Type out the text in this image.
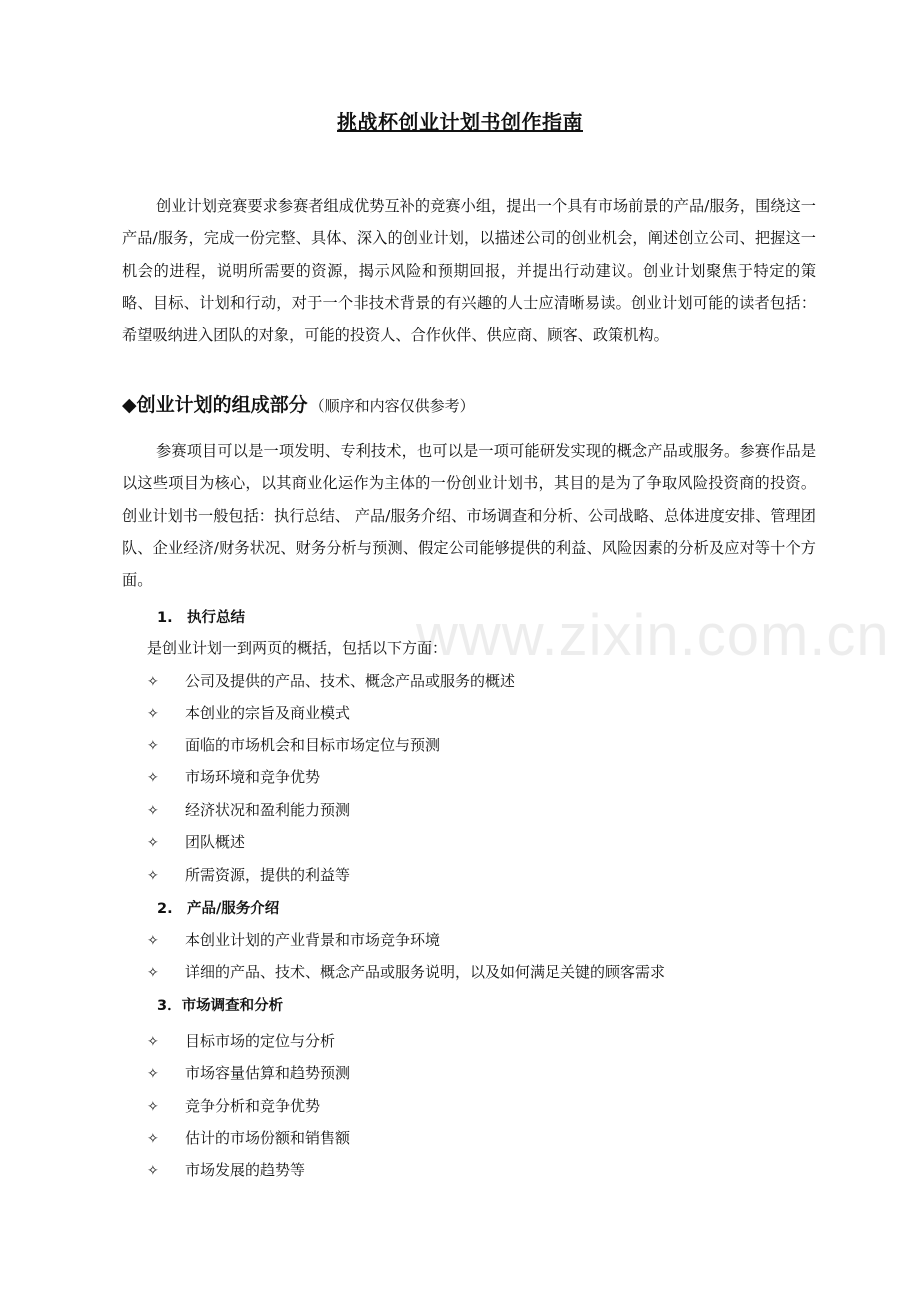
挑战杯创业计划书创作指南

创业计划竞赛要求参赛者组成优势互补的竞赛小组，提出一个具有市场前景的产品/服务，围绕这一产品/服务，完成一份完整、具体、深入的创业计划，以描述公司的创业机会，阐述创立公司、把握这一机会的进程，说明所需要的资源，揭示风险和预期回报，并提出行动建议。创业计划聚焦于特定的策略、目标、计划和行动，对于一个非技术背景的有兴趣的人士应清晰易读。创业计划可能的读者包括：希望吸纳进入团队的对象，可能的投资人、合作伙伴、供应商、顾客、政策机构。

◆创业计划的组成部分 （顺序和内容仅供参考）

参赛项目可以是一项发明、专利技术，也可以是一项可能研发实现的概念产品或服务。参赛作品是以这些项目为核心，以其商业化运作为主体的一份创业计划书，其目的是为了争取风险投资商的投资。创业计划书一般包括：执行总结、 产品/服务介绍、市场调查和分析、公司战略、总体进度安排、管理团队、企业经济/财务状况、财务分析与预测、假定公司能够提供的利益、风险因素的分析及应对等十个方面。

1. 执行总结
是创业计划一到两页的概括，包括以下方面：
✧ 公司及提供的产品、技术、概念产品或服务的概述
✧ 本创业的宗旨及商业模式
✧ 面临的市场机会和目标市场定位与预测
✧ 市场环境和竞争优势
✧ 经济状况和盈利能力预测
✧ 团队概述
✧ 所需资源，提供的利益等
2. 产品/服务介绍
✧ 本创业计划的产业背景和市场竞争环境
✧ 详细的产品、技术、概念产品或服务说明，以及如何满足关键的顾客需求
3．市场调查和分析
✧ 目标市场的定位与分析
✧ 市场容量估算和趋势预测
✧ 竞争分析和竞争优势
✧ 估计的市场份额和销售额
✧ 市场发展的趋势等
www.zixin.com.cn
